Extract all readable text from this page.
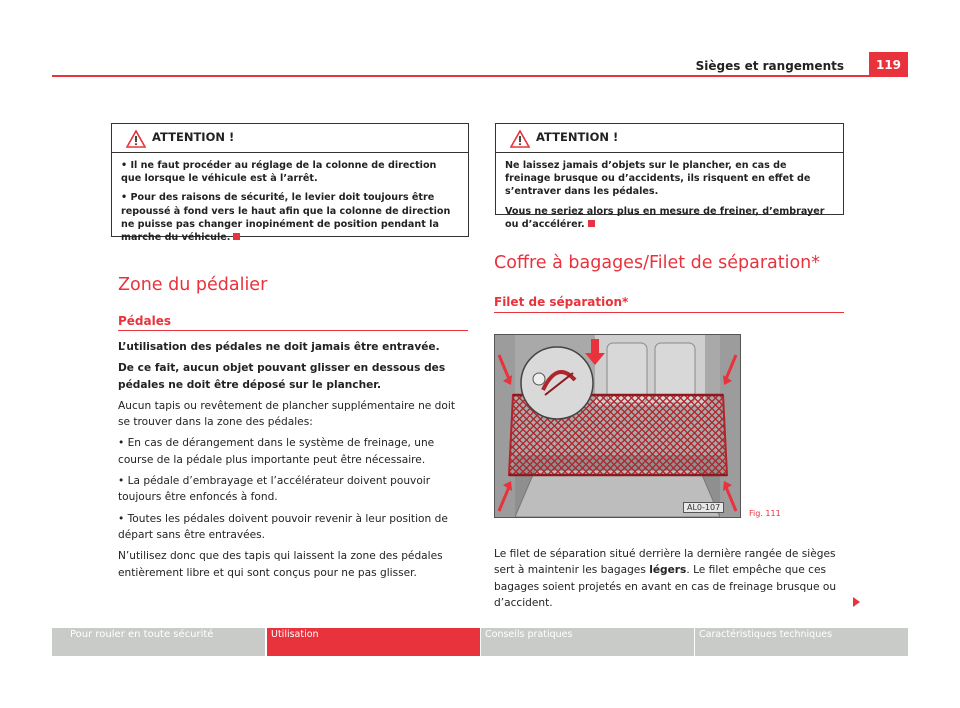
Sièges et rangements	119
ATTENTION !

• Il ne faut procéder au réglage de la colonne de direction que lorsque le véhicule est à l’arrêt.

• Pour des raisons de sécurité, le levier doit toujours être repoussé à fond vers le haut afin que la colonne de direction ne puisse pas changer inopinément de position pendant la marche du véhicule.

ATTENTION !

Ne laissez jamais d’objets sur le plancher, en cas de freinage brusque ou d’accidents, ils risquent en effet de s’entraver dans les pédales.

Vous ne seriez alors plus en mesure de freiner, d’embrayer ou d’accélérer.

Zone du pédalier
Pédales

L’utilisation des pédales ne doit jamais être entravée.

De ce fait, aucun objet pouvant glisser en dessous des pédales ne doit être déposé sur le plancher.

Aucun tapis ou revêtement de plancher supplémentaire ne doit se trouver dans la zone des pédales:

• En cas de dérangement dans le système de freinage, une course de la pédale plus importante peut être nécessaire.

• La pédale d’embrayage et l’accélérateur doivent pouvoir toujours être enfoncés à fond.

• Toutes les pédales doivent pouvoir revenir à leur position de départ sans être entravées.

N’utilisez donc que des tapis qui laissent la zone des pédales entièrement libre et qui sont conçus pour ne pas glisser.

Coffre à bagages/Filet de séparation*
Filet de séparation*
AL0-107
Fig. 111
Le filet de séparation situé derrière la dernière rangée de sièges sert à maintenir les bagages légers. Le filet empêche que ces bagages soient projetés en avant en cas de freinage brusque ou d’accident.
Pour rouler en toute sécurité	Utilisation	Conseils pratiques	Caractéristiques techniques
